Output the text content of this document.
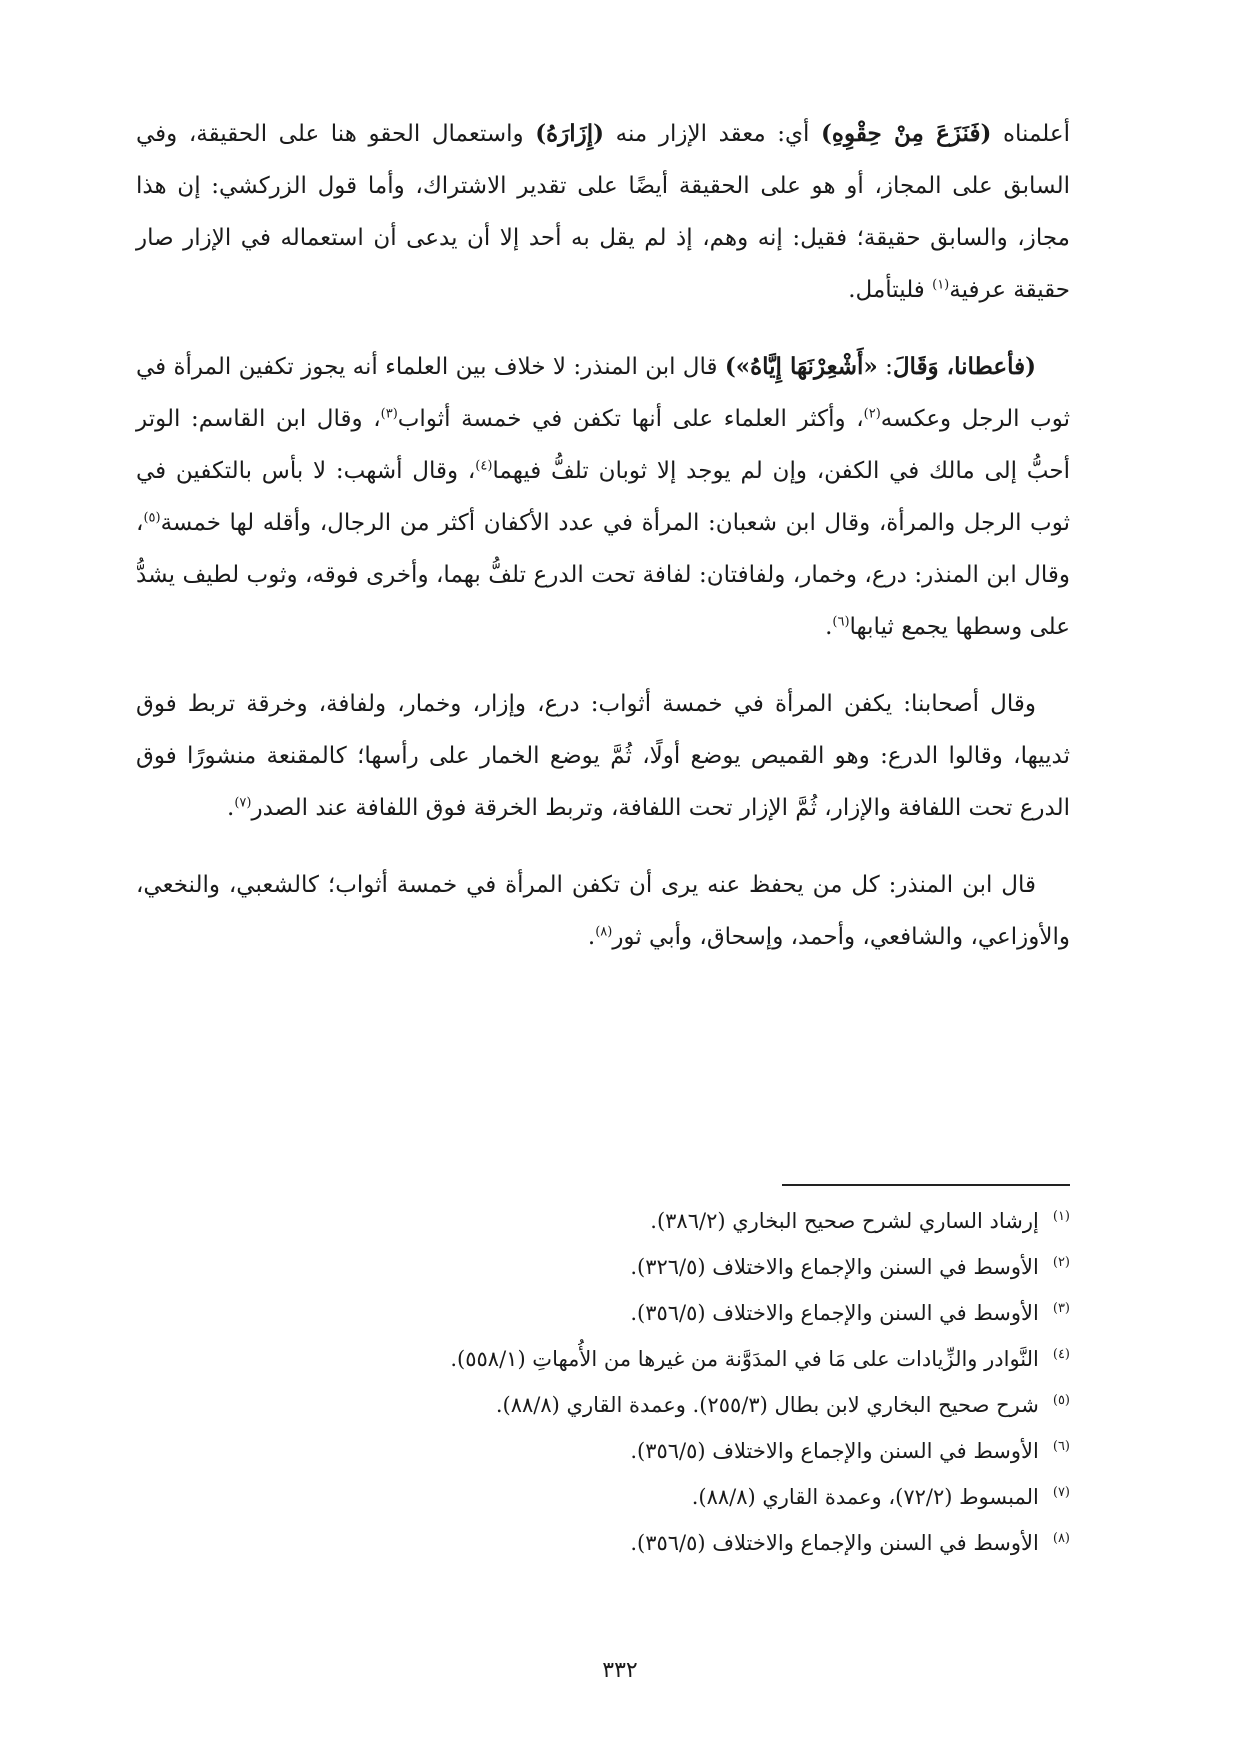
أعلمناه (فَنَزَعَ مِنْ حِقْوِهِ) أي: معقد الإزار منه (إِزَارَهُ) واستعمال الحقو هنا على الحقيقة، وفي السابق على المجاز، أو هو على الحقيقة أيضًا على تقدير الاشتراك، وأما قول الزركشي: إن هذا مجاز، والسابق حقيقة؛ فقيل: إنه وهم، إذ لم يقل به أحد إلا أن يدعى أن استعماله في الإزار صار حقيقة عرفية$^{(١)}$ فليتأمل.

(فأعطانا، وَقَالَ: «أَشْعِرْنَهَا إِيَّاهُ») قال ابن المنذر: لا خلاف بين العلماء أنه يجوز تكفين المرأة في ثوب الرجل وعكسه$^{(٢)}$، وأكثر العلماء على أنها تكفن في خمسة أثواب$^{(٣)}$، وقال ابن القاسم: الوتر أحبُّ إلى مالك في الكفن، وإن لم يوجد إلا ثوبان تلفُّ فيهما$^{(٤)}$، وقال أشهب: لا بأس بالتكفين في ثوب الرجل والمرأة، وقال ابن شعبان: المرأة في عدد الأكفان أكثر من الرجال، وأقله لها خمسة$^{(٥)}$، وقال ابن المنذر: درع، وخمار، ولفافتان: لفافة تحت الدرع تلفُّ بهما، وأخرى فوقه، وثوب لطيف يشدُّ على وسطها يجمع ثيابها$^{(٦)}$.

وقال أصحابنا: يكفن المرأة في خمسة أثواب: درع، وإزار، وخمار، ولفافة، وخرقة تربط فوق ثدييها، وقالوا الدرع: وهو القميص يوضع أولًا، ثُمَّ يوضع الخمار على رأسها؛ كالمقنعة منشورًا فوق الدرع تحت اللفافة والإزار، ثُمَّ الإزار تحت اللفافة، وتربط الخرقة فوق اللفافة عند الصدر$^{(٧)}$.

قال ابن المنذر: كل من يحفظ عنه يرى أن تكفن المرأة في خمسة أثواب؛ كالشعبي، والنخعي، والأوزاعي، والشافعي، وأحمد، وإسحاق، وأبي ثور$^{(٨)}$.

$^{(١)}$إرشاد الساري لشرح صحيح البخاري (٣٨٦/٢).
$^{(٢)}$الأوسط في السنن والإجماع والاختلاف (٣٢٦/٥).
$^{(٣)}$الأوسط في السنن والإجماع والاختلاف (٣٥٦/٥).
$^{(٤)}$النَّوادر والزِّيادات على مَا في المدَوَّنة من غيرها من الأُمهاتِ (٥٥٨/١).
$^{(٥)}$شرح صحيح البخاري لابن بطال (٢٥٥/٣). وعمدة القاري (٨٨/٨).
$^{(٦)}$الأوسط في السنن والإجماع والاختلاف (٣٥٦/٥).
$^{(٧)}$المبسوط (٧٢/٢)، وعمدة القاري (٨٨/٨).
$^{(٨)}$الأوسط في السنن والإجماع والاختلاف (٣٥٦/٥).
٣٣٢
